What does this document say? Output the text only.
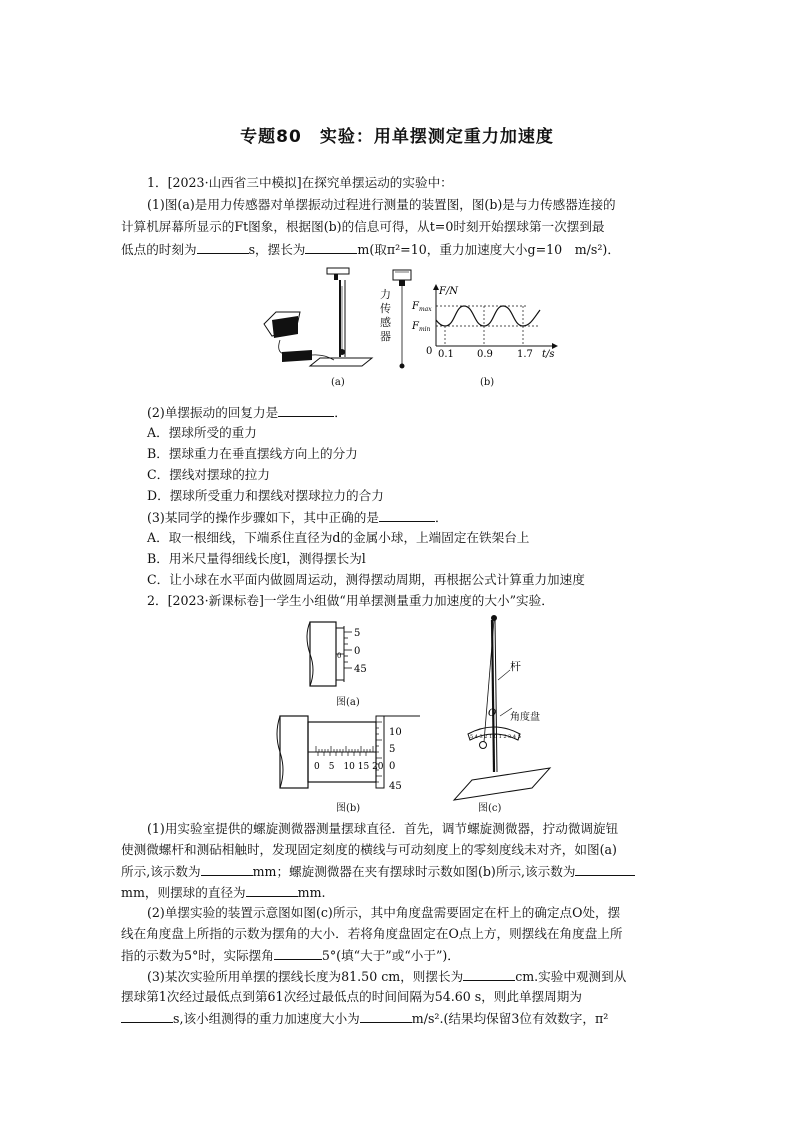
专题80　实验：用单摆测定重力加速度
1．[2023·山西省三中模拟]在探究单摆运动的实验中：
(1)图(a)是用力传感器对单摆振动过程进行测量的装置图，图(b)是与力传感器连接的
计算机屏幕所显示的Ft图象，根据图(b)的信息可得，从t=0时刻开始摆球第一次摆到最
低点的时刻为	s，摆长为	m(取π²=10，重力加速度大小g=10　m/s²)．
(a)
力
传
感
器
$F_{max}$
$F_{min}$
F/N
0 0.1 0.9 1.7 t/s
(b)
(2)单摆振动的回复力是	．
A．摆球所受的重力
B．摆球重力在垂直摆线方向上的分力
C．摆线对摆球的拉力
D．摆球所受重力和摆线对摆球拉力的合力
(3)某同学的操作步骤如下，其中正确的是	．
A．取一根细线，下端系住直径为d的金属小球，上端固定在铁架台上
B．用米尺量得细线长度l，测得摆长为l
C．让小球在水平面内做圆周运动，测得摆动周期，再根据公式计算重力加速度
2．[2023·新课标卷]一学生小组做“用单摆测量重力加速度的大小”实验．
5
0
45
0
图(a)
0　5　10 15 20
10
5
0
45
图(b)
5 4 3 2 1 0 1 2 3 4 5
杆
O 角度盘
图(c)
(1)用实验室提供的螺旋测微器测量摆球直径．首先，调节螺旋测微器，拧动微调旋钮
使测微螺杆和测砧相触时，发现固定刻度的横线与可动刻度上的零刻度线未对齐，如图(a)
所示,该示数为	mm；螺旋测微器在夹有摆球时示数如图(b)所示,该示数为
mm，则摆球的直径为	mm.
(2)单摆实验的装置示意图如图(c)所示，其中角度盘需要固定在杆上的确定点O处，摆
线在角度盘上所指的示数为摆角的大小．若将角度盘固定在O点上方，则摆线在角度盘上所
指的示数为5°时，实际摆角	5°(填“大于”或“小于”)．
(3)某次实验所用单摆的摆线长度为81.50 cm，则摆长为	cm.实验中观测到从
摆球第1次经过最低点到第61次经过最低点的时间间隔为54.60 s，则此单摆周期为
s,该小组测得的重力加速度大小为	m/s².(结果均保留3位有效数字，π²
